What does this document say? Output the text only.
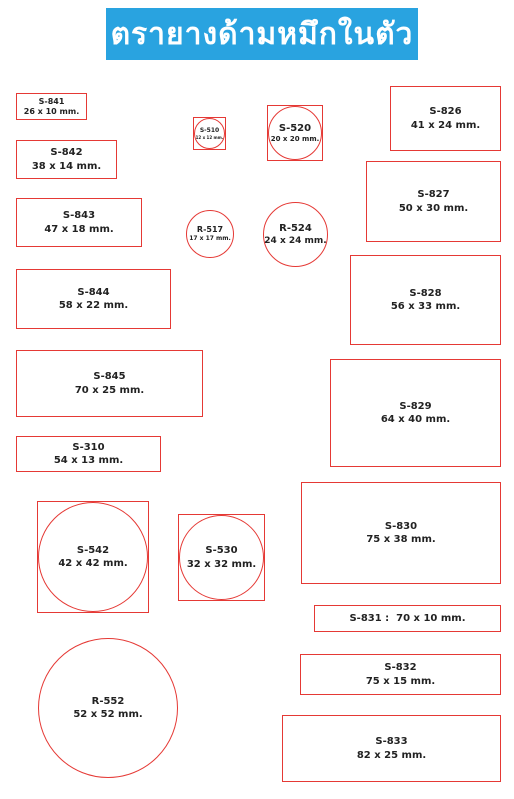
ตรายางด้ามหมึกในตัว
S-841
26 x 10 mm.
S-842
38 x 14 mm.
S-843
47 x 18 mm.
S-844
58 x 22 mm.
S-845
70 x 25 mm.
S-310
54 x 13 mm.
S-542
42 x 42 mm.
S-530
32 x 32 mm.
R-552
52 x 52 mm.
S-510
12 x 12 mm.
S-520
20 x 20 mm.
R-517
17 x 17 mm.
R-524
24 x 24 mm.
S-826
41 x 24 mm.
S-827
50 x 30 mm.
S-828
56 x 33 mm.
S-829
64 x 40 mm.
S-830
75 x 38 mm.
S-831 :  70 x 10 mm.
S-832
75 x 15 mm.
S-833
82 x 25 mm.
